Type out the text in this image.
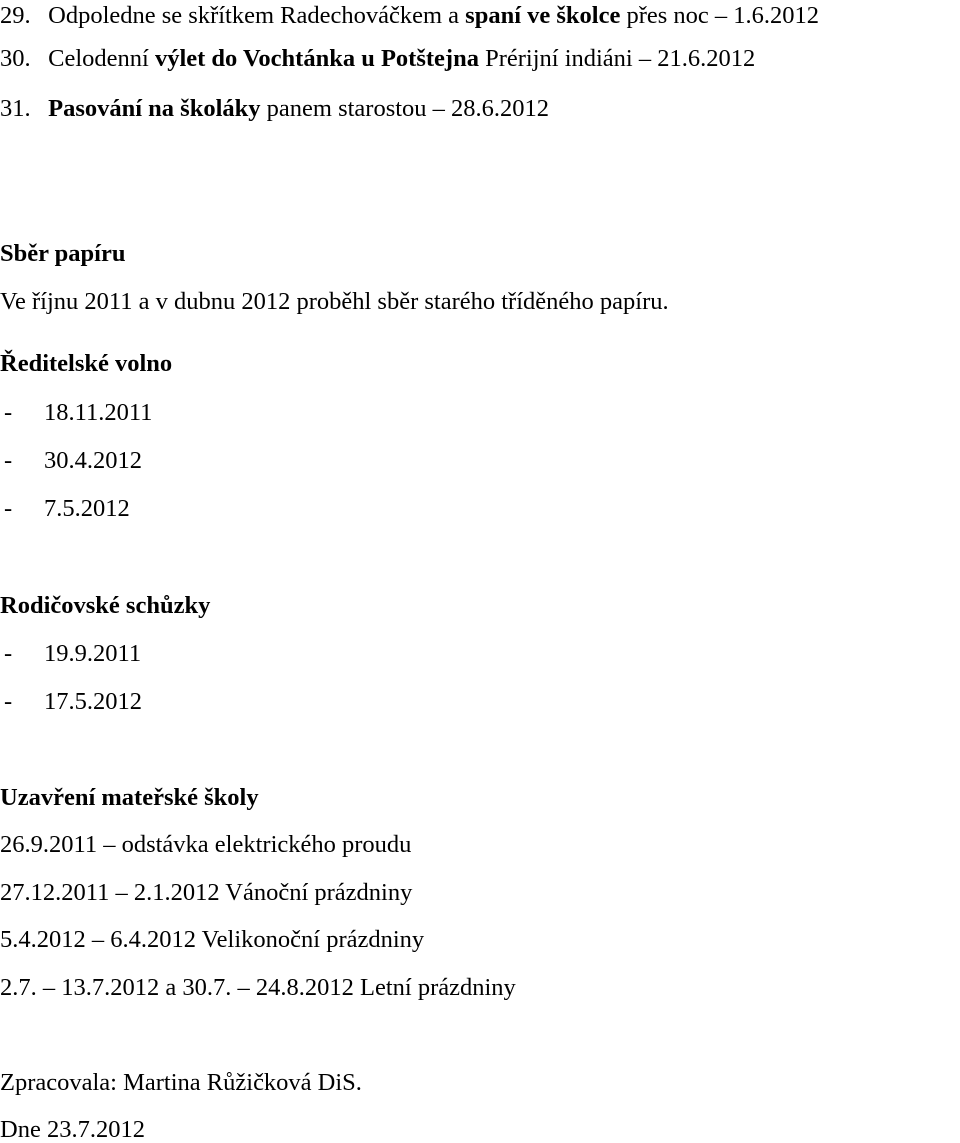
29. Odpoledne se skřítkem Radechováčkem a spaní ve školce přes noc – 1.6.2012
30. Celodenní výlet do Vochtánka u Potštejna Prérijní indiáni – 21.6.2012
31. Pasování na školáky panem starostou – 28.6.2012
Sběr papíru
Ve říjnu 2011 a v dubnu 2012 proběhl sběr starého tříděného papíru.
Ředitelské volno
- 18.11.2011
- 30.4.2012
- 7.5.2012
Rodičovské schůzky
- 19.9.2011
- 17.5.2012
Uzavření mateřské školy
26.9.2011 – odstávka elektrického proudu
27.12.2011 – 2.1.2012 Vánoční prázdniny
5.4.2012 – 6.4.2012 Velikonoční prázdniny
2.7. – 13.7.2012 a 30.7. – 24.8.2012 Letní prázdniny
Zpracovala: Martina Růžičková DiS.
Dne 23.7.2012
